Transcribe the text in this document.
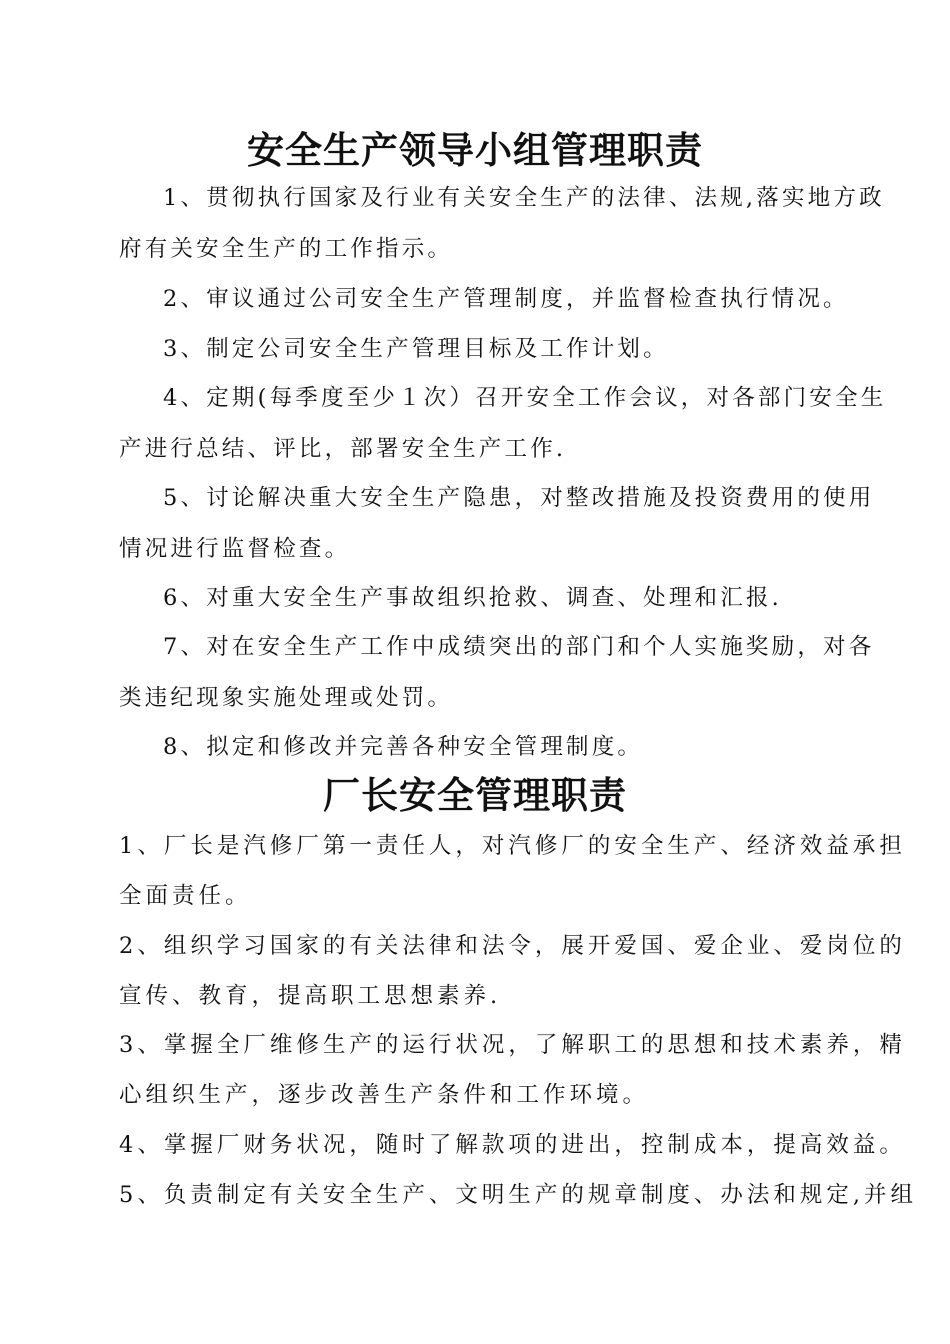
安全生产领导小组管理职责
1、贯彻执行国家及行业有关安全生产的法律、法规,落实地方政
府有关安全生产的工作指示。
2、审议通过公司安全生产管理制度，并监督检查执行情况。
3、制定公司安全生产管理目标及工作计划。
4、定期(每季度至少１次）召开安全工作会议，对各部门安全生
产进行总结、评比，部署安全生产工作.
5、讨论解决重大安全生产隐患，对整改措施及投资费用的使用
情况进行监督检查。
6、对重大安全生产事故组织抢救、调查、处理和汇报.
7、对在安全生产工作中成绩突出的部门和个人实施奖励，对各
类违纪现象实施处理或处罚。
8、拟定和修改并完善各种安全管理制度。
厂长安全管理职责
1、厂长是汽修厂第一责任人，对汽修厂的安全生产、经济效益承担
全面责任。
2、组织学习国家的有关法律和法令，展开爱国、爱企业、爱岗位的
宣传、教育，提高职工思想素养.
3、掌握全厂维修生产的运行状况，了解职工的思想和技术素养，精
心组织生产，逐步改善生产条件和工作环境。
4、掌握厂财务状况，随时了解款项的进出，控制成本，提高效益。
5、负责制定有关安全生产、文明生产的规章制度、办法和规定,并组
